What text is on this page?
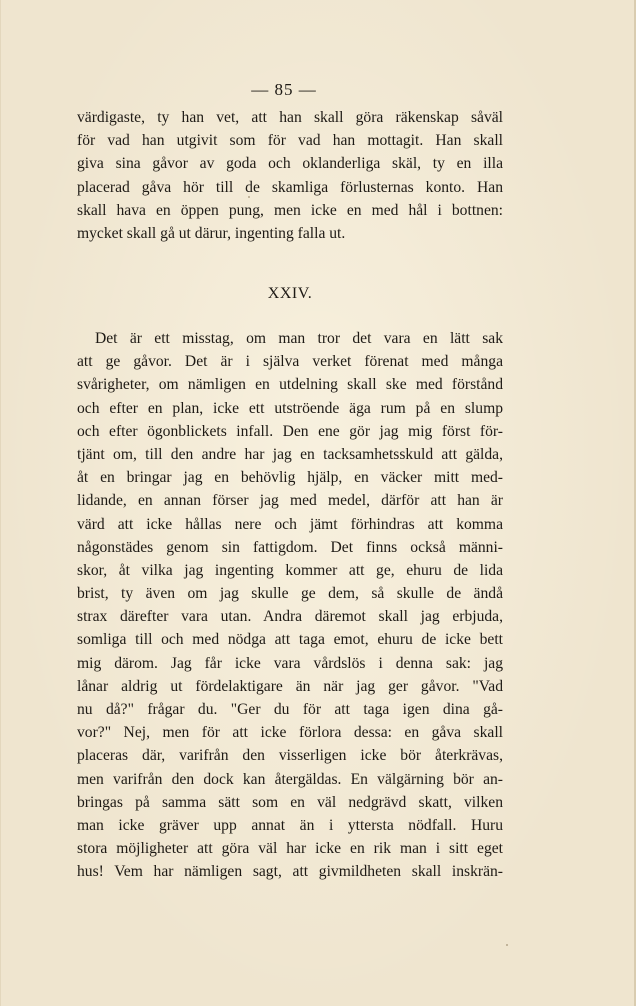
— 85 —
värdigaste, ty han vet, att han skall göra räkenskap såväl
för vad han utgivit som för vad han mottagit. Han skall
giva sina gåvor av goda och oklanderliga skäl, ty en illa
placerad gåva hör till de skamliga förlusternas konto. Han
skall hava en öppen pung, men icke en med hål i bottnen:
mycket skall gå ut därur, ingenting falla ut.
XXIV.
Det är ett misstag, om man tror det vara en lätt sak
att ge gåvor. Det är i själva verket förenat med många
svårigheter, om nämligen en utdelning skall ske med förstånd
och efter en plan, icke ett utströende äga rum på en slump
och efter ögonblickets infall. Den ene gör jag mig först för-
tjänt om, till den andre har jag en tacksamhetsskuld att gälda,
åt en bringar jag en behövlig hjälp, en väcker mitt med-
lidande, en annan förser jag med medel, därför att han är
värd att icke hållas nere och jämt förhindras att komma
någonstädes genom sin fattigdom. Det finns också männi-
skor, åt vilka jag ingenting kommer att ge, ehuru de lida
brist, ty även om jag skulle ge dem, så skulle de ändå
strax därefter vara utan. Andra däremot skall jag erbjuda,
somliga till och med nödga att taga emot, ehuru de icke bett
mig därom. Jag får icke vara vårdslös i denna sak: jag
lånar aldrig ut fördelaktigare än när jag ger gåvor. "Vad
nu då?" frågar du. "Ger du för att taga igen dina gå-
vor?" Nej, men för att icke förlora dessa: en gåva skall
placeras där, varifrån den visserligen icke bör återkrävas,
men varifrån den dock kan återgäldas. En välgärning bör an-
bringas på samma sätt som en väl nedgrävd skatt, vilken
man icke gräver upp annat än i yttersta nödfall. Huru
stora möjligheter att göra väl har icke en rik man i sitt eget
hus! Vem har nämligen sagt, att givmildheten skall inskrän-
